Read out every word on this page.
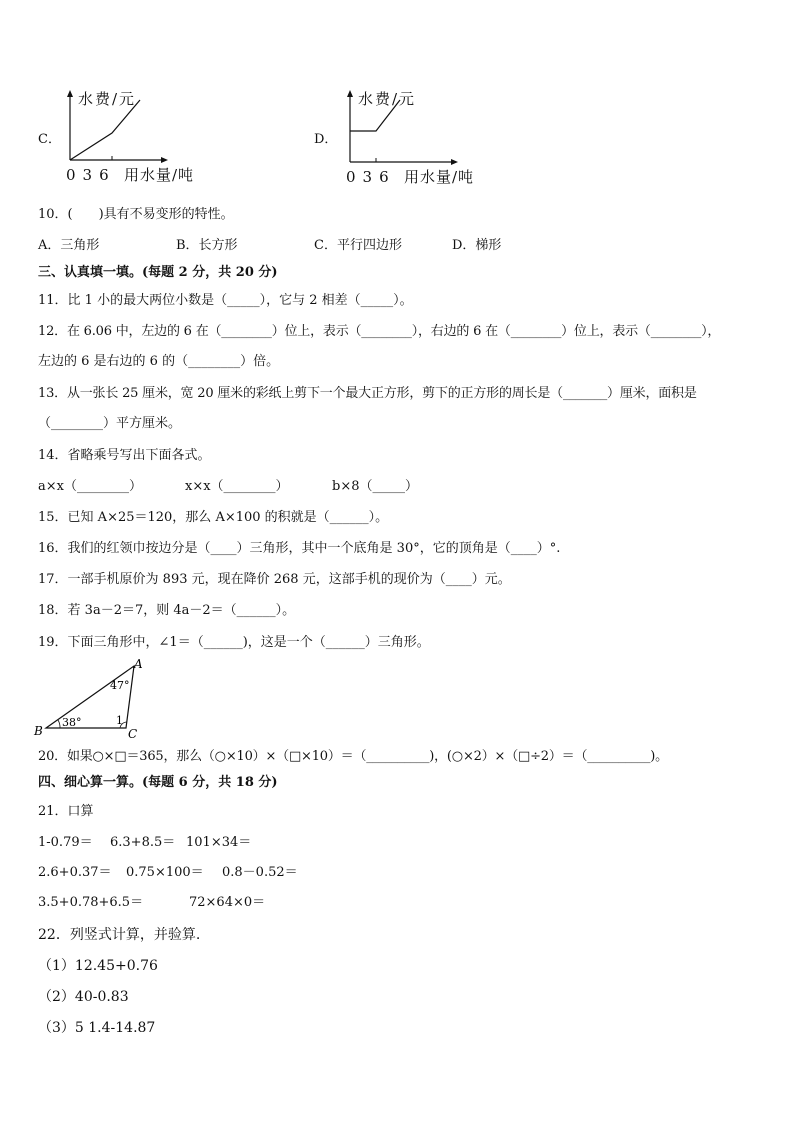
C．
水费/元
036 用水量/吨
D．
水费/元
036 用水量/吨
10．(　　)具有不易变形的特性。
A．三角形	B．长方形	C．平行四边形	D．梯形
三、认真填一填。(每题 2 分，共 20 分)
11．比 1 小的最大两位小数是（_____），它与 2 相差（_____）。
12．在 6.06 中，左边的 6 在（________）位上，表示（________），右边的 6 在（________）位上，表示（________），
左边的 6 是右边的 6 的（________）倍。
13．从一张长 25 厘米，宽 20 厘米的彩纸上剪下一个最大正方形，剪下的正方形的周长是（_______）厘米，面积是
（________）平方厘米。
14．省略乘号写出下面各式。
a×x（________）	x×x（________）	b×8（_____）
15．已知 A×25＝120，那么 A×100 的积就是（______）。
16．我们的红领巾按边分是（____）三角形，其中一个底角是 30°，它的顶角是（____）°.
17．一部手机原价为 893 元，现在降价 268 元，这部手机的现价为（____）元。
18．若 3a－2＝7，则 4a－2＝（______）。
19．下面三角形中，∠1＝（______)，这是一个（______）三角形。
A
B	C
47°
38°	1
20．如果○×□＝365，那么（○×10）×（□×10）＝（__________)，(○×2）×（□÷2）＝（__________)。
四、细心算一算。(每题 6 分，共 18 分)
21．口算
1-0.79＝ 6.3+8.5＝ 101×34＝
2.6+0.37＝ 0.75×100＝ 0.8－0.52＝
3.5+0.78+6.5＝	72×64×0＝
22．列竖式计算，并验算.
（1）12.45+0.76
（2）40-0.83
（3）5 1.4-14.87
